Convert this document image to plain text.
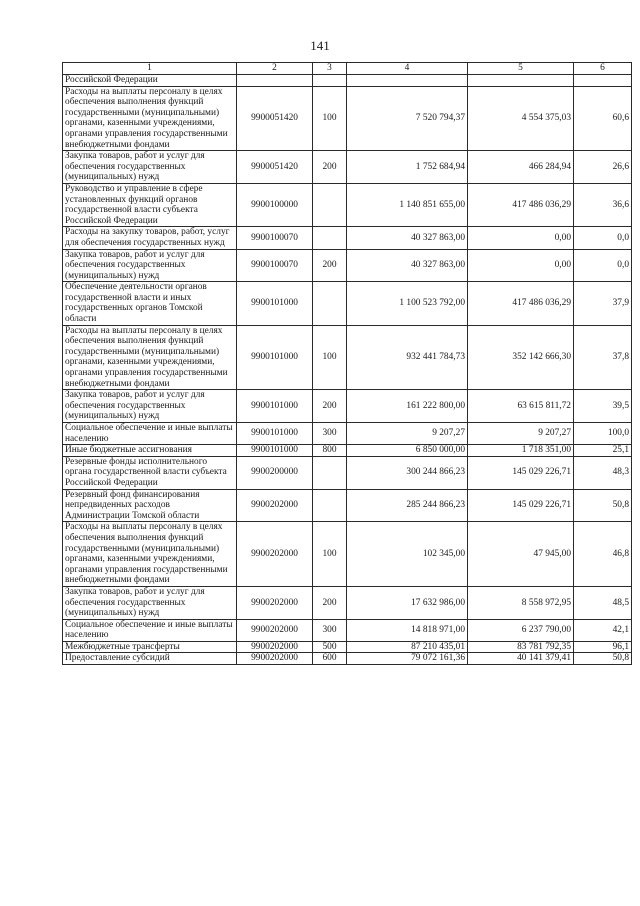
141
1	2	3	4	5	6
Российской Федерации					
Расходы на выплаты персоналу в целях обеспечения выполнения функций государственными (муниципальными) органами, казенными учреждениями, органами управления государственными внебюджетными фондами	9900051420	100	7 520 794,37	4 554 375,03	60,6
Закупка товаров, работ и услуг для обеспечения государственных (муниципальных) нужд	9900051420	200	1 752 684,94	466 284,94	26,6
Руководство и управление в сфере установленных функций органов государственной власти субъекта Российской Федерации	9900100000		1 140 851 655,00	417 486 036,29	36,6
Расходы на закупку товаров, работ, услуг для обеспечения государственных нужд	9900100070		40 327 863,00	0,00	0,0
Закупка товаров, работ и услуг для обеспечения государственных (муниципальных) нужд	9900100070	200	40 327 863,00	0,00	0,0
Обеспечение деятельности органов государственной власти и иных государственных органов Томской области	9900101000		1 100 523 792,00	417 486 036,29	37,9
Расходы на выплаты персоналу в целях обеспечения выполнения функций государственными (муниципальными) органами, казенными учреждениями, органами управления государственными внебюджетными фондами	9900101000	100	932 441 784,73	352 142 666,30	37,8
Закупка товаров, работ и услуг для обеспечения государственных (муниципальных) нужд	9900101000	200	161 222 800,00	63 615 811,72	39,5
Социальное обеспечение и иные выплаты населению	9900101000	300	9 207,27	9 207,27	100,0
Иные бюджетные ассигнования	9900101000	800	6 850 000,00	1 718 351,00	25,1
Резервные фонды исполнительного органа государственной власти субъекта Российской Федерации	9900200000		300 244 866,23	145 029 226,71	48,3
Резервный фонд финансирования непредвиденных расходов Администрации Томской области	9900202000		285 244 866,23	145 029 226,71	50,8
Расходы на выплаты персоналу в целях обеспечения выполнения функций государственными (муниципальными) органами, казенными учреждениями, органами управления государственными внебюджетными фондами	9900202000	100	102 345,00	47 945,00	46,8
Закупка товаров, работ и услуг для обеспечения государственных (муниципальных) нужд	9900202000	200	17 632 986,00	8 558 972,95	48,5
Социальное обеспечение и иные выплаты населению	9900202000	300	14 818 971,00	6 237 790,00	42,1
Межбюджетные трансферты	9900202000	500	87 210 435,01	83 781 792,35	96,1
Предоставление субсидий	9900202000	600	79 072 161,36	40 141 379,41	50,8
